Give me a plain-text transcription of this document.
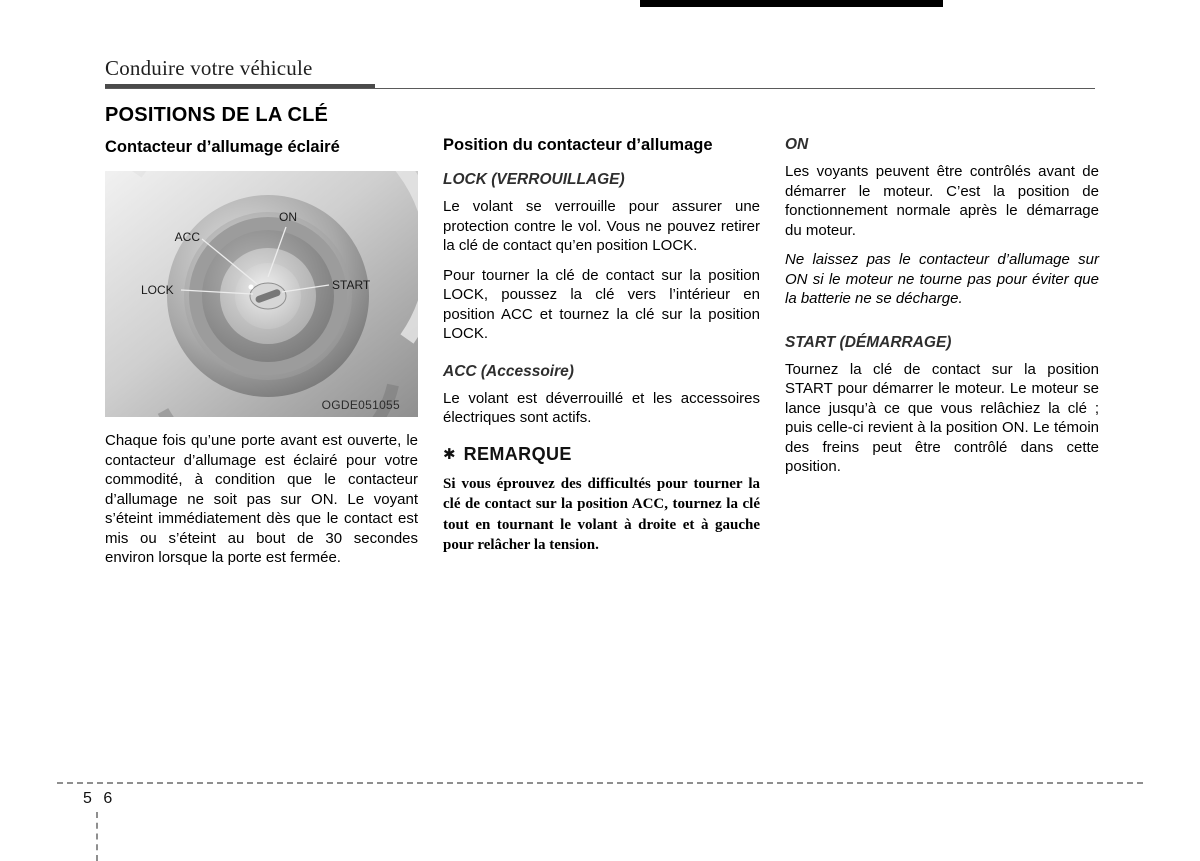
Conduire votre véhicule
POSITIONS DE LA CLÉ
Contacteur d’allumage éclairé
ON
ACC
LOCK	START
OGDE051055

Chaque fois qu’une porte avant est ouverte, le contacteur d’allumage est éclairé pour votre commodité, à condition que le contacteur d’allumage ne soit pas sur ON. Le voyant s’éteint immédiatement dès que le contact est mis ou s’éteint au bout de 30 secondes environ lorsque la porte est fermée.

Position du contacteur d’allumage
LOCK (VERROUILLAGE)

Le volant se verrouille pour assurer une protection contre le vol. Vous ne pouvez retirer la clé de contact qu’en position LOCK.

Pour tourner la clé de contact sur la position LOCK, poussez la clé vers l’intérieur en position ACC et tournez la clé sur la position LOCK.

ACC (Accessoire)

Le volant est déverrouillé et les accessoires électriques sont actifs.

✱ REMARQUE

Si vous éprouvez des difficultés pour tourner la clé de contact sur la position ACC, tournez la clé tout en tournant le volant à droite et à gauche pour relâcher la tension.

ON

Les voyants peuvent être contrôlés avant de démarrer le moteur. C’est la position de fonctionnement normale après le démarrage du moteur.

Ne laissez pas le contacteur d’allumage sur ON si le moteur ne tourne pas pour éviter que la batterie ne se décharge.

START (DÉMARRAGE)

Tournez la clé de contact sur la position START pour démarrer le moteur. Le moteur se lance jusqu’à ce que vous relâchiez la clé ; puis celle-ci revient à la position ON. Le témoin des freins peut être contrôlé dans cette position.

5 6
